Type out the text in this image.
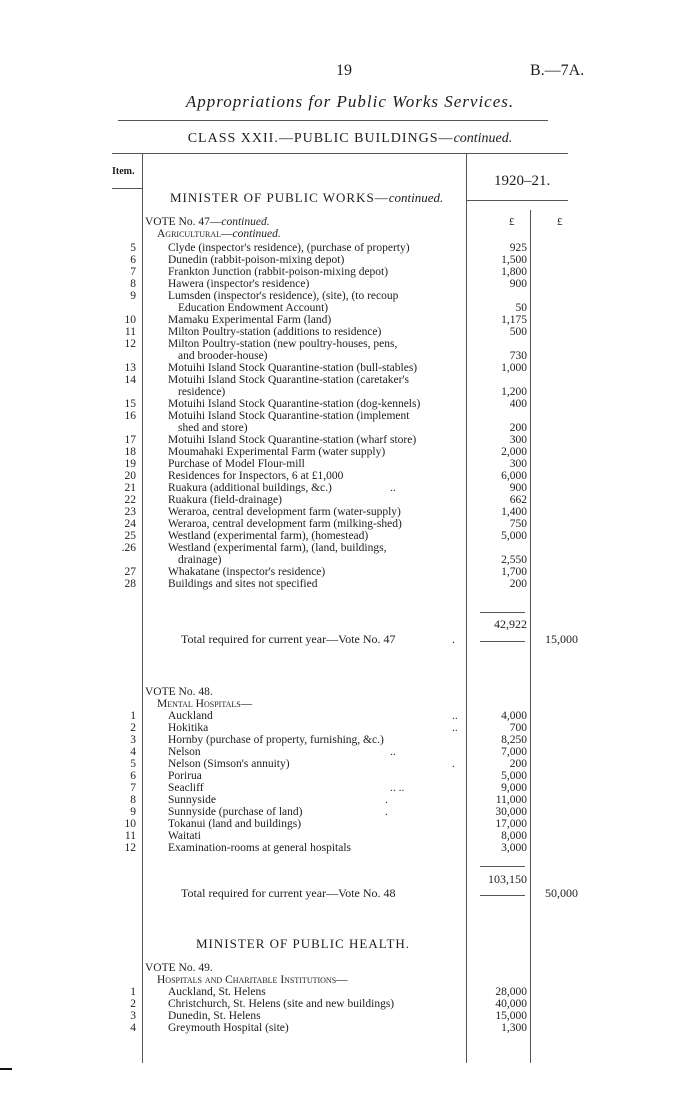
19	B.—7A.
Appropriations for Public Works Services.
CLASS XXII.—PUBLIC BUILDINGS—continued.
Item.
1920–21.
MINISTER OF PUBLIC WORKS—continued.
£	£
VOTE No. 47—continued.
Agricultural—continued.
5	Clyde (inspector's residence), (purchase of property)	925
6	Dunedin (rabbit-poison-mixing depot)	1,500
7	Frankton Junction (rabbit-poison-mixing depot)	1,800
8	Hawera (inspector's residence)	900
9	Lumsden (inspector's residence), (site), (to recoup
Education Endowment Account)	50
10	Mamaku Experimental Farm (land)	1,175
11	Milton Poultry-station (additions to residence)	500
12	Milton Poultry-station (new poultry-houses, pens,
and brooder-house)	730
13	Motuihi Island Stock Quarantine-station (bull-stables)	1,000
14	Motuihi Island Stock Quarantine-station (caretaker's
residence)	1,200
15	Motuihi Island Stock Quarantine-station (dog-kennels)	400
16	Motuihi Island Stock Quarantine-station (implement
shed and store)	200
17	Motuihi Island Stock Quarantine-station (wharf store)	300
18	Moumahaki Experimental Farm (water supply)	2,000
19	Purchase of Model Flour-mill	300
20	Residences for Inspectors, 6 at £1,000	6,000
21	Ruakura (additional buildings, &c.)	..	900
22	Ruakura (field-drainage)	662
23	Weraroa, central development farm (water-supply)	1,400
24	Weraroa, central development farm (milking-shed)	750
25	Westland (experimental farm), (homestead)	5,000
.26	Westland (experimental farm), (land, buildings,
drainage)	2,550
27	Whakatane (inspector's residence)	1,700
28	Buildings and sites not specified	200
42,922
Total required for current year—Vote No. 47	.	15,000
VOTE No. 48.
Mental Hospitals—
1	Auckland	..	4,000
2	Hokitika	..	700
3	Hornby (purchase of property, furnishing, &c.)	8,250
4	Nelson	..	7,000
5	Nelson (Simson's annuity)	.	200
6	Porirua	5,000
7	Seacliff	.. ..	9,000
8	Sunnyside	.	11,000
9	Sunnyside (purchase of land)	.	30,000
10	Tokanui (land and buildings)	17,000
11	Waitati	8,000
12	Examination-rooms at general hospitals	3,000
103,150
Total required for current year—Vote No. 48	50,000
MINISTER OF PUBLIC HEALTH.
VOTE No. 49.
Hospitals and Charitable Institutions—
1	Auckland, St. Helens	28,000
2	Christchurch, St. Helens (site and new buildings)	40,000
3	Dunedin, St. Helens	15,000
4	Greymouth Hospital (site)	1,300
